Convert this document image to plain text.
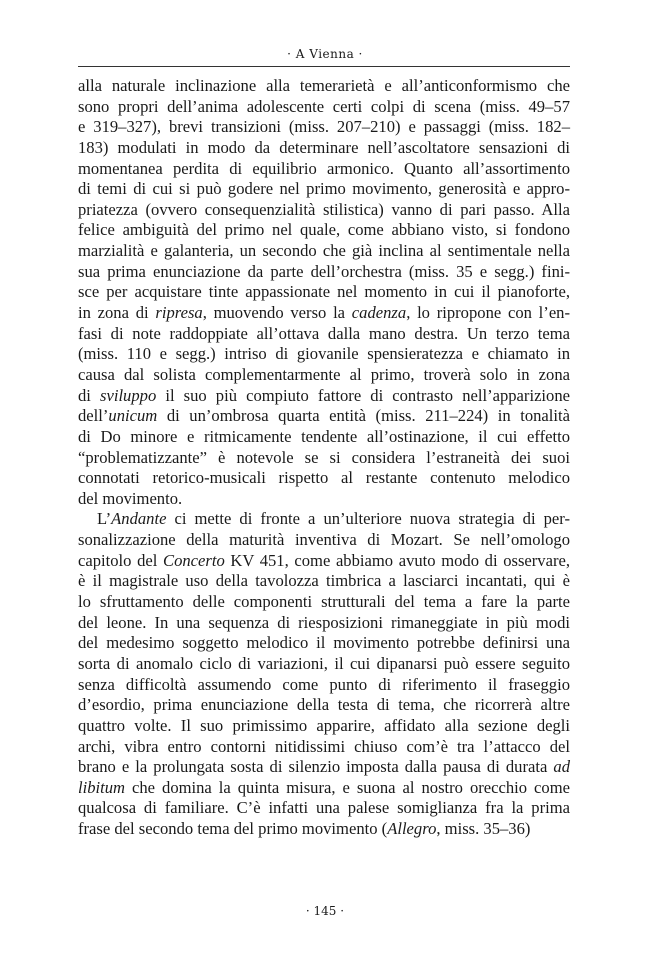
· A Vienna ·
alla naturale inclinazione alla temerarietà e all’anticonformismo che
sono propri dell’anima adolescente certi colpi di scena (miss. 49–57
e 319–327), brevi transizioni (miss. 207–210) e passaggi (miss. 182–
183) modulati in modo da determinare nell’ascoltatore sensazioni di
momentanea perdita di equilibrio armonico. Quanto all’assortimento
di temi di cui si può godere nel primo movimento, generosità e appro-
priatezza (ovvero consequenzialità stilistica) vanno di pari passo. Alla
felice ambiguità del primo nel quale, come abbiano visto, si fondono
marzialità e galanteria, un secondo che già inclina al sentimentale nella
sua prima enunciazione da parte dell’orchestra (miss. 35 e segg.) fini-
sce per acquistare tinte appassionate nel momento in cui il pianoforte,
in zona di ripresa, muovendo verso la cadenza, lo ripropone con l’en-
fasi di note raddoppiate all’ottava dalla mano destra. Un terzo tema
(miss. 110 e segg.) intriso di giovanile spensieratezza e chiamato in
causa dal solista complementarmente al primo, troverà solo in zona
di sviluppo il suo più compiuto fattore di contrasto nell’apparizione
dell’unicum di un’ombrosa quarta entità (miss. 211–224) in tonalità
di Do minore e ritmicamente tendente all’ostinazione, il cui effetto
“problematizzante” è notevole se si considera l’estraneità dei suoi
connotati retorico-musicali rispetto al restante contenuto melodico
del movimento.
L’Andante ci mette di fronte a un’ulteriore nuova strategia di per-
sonalizzazione della maturità inventiva di Mozart. Se nell’omologo
capitolo del Concerto KV 451, come abbiamo avuto modo di osservare,
è il magistrale uso della tavolozza timbrica a lasciarci incantati, qui è
lo sfruttamento delle componenti strutturali del tema a fare la parte
del leone. In una sequenza di riesposizioni rimaneggiate in più modi
del medesimo soggetto melodico il movimento potrebbe definirsi una
sorta di anomalo ciclo di variazioni, il cui dipanarsi può essere seguito
senza difficoltà assumendo come punto di riferimento il fraseggio
d’esordio, prima enunciazione della testa di tema, che ricorrerà altre
quattro volte. Il suo primissimo apparire, affidato alla sezione degli
archi, vibra entro contorni nitidissimi chiuso com’è tra l’attacco del
brano e la prolungata sosta di silenzio imposta dalla pausa di durata ad
libitum che domina la quinta misura, e suona al nostro orecchio come
qualcosa di familiare. C’è infatti una palese somiglianza fra la prima
frase del secondo tema del primo movimento (Allegro, miss. 35–36)
· 145 ·
